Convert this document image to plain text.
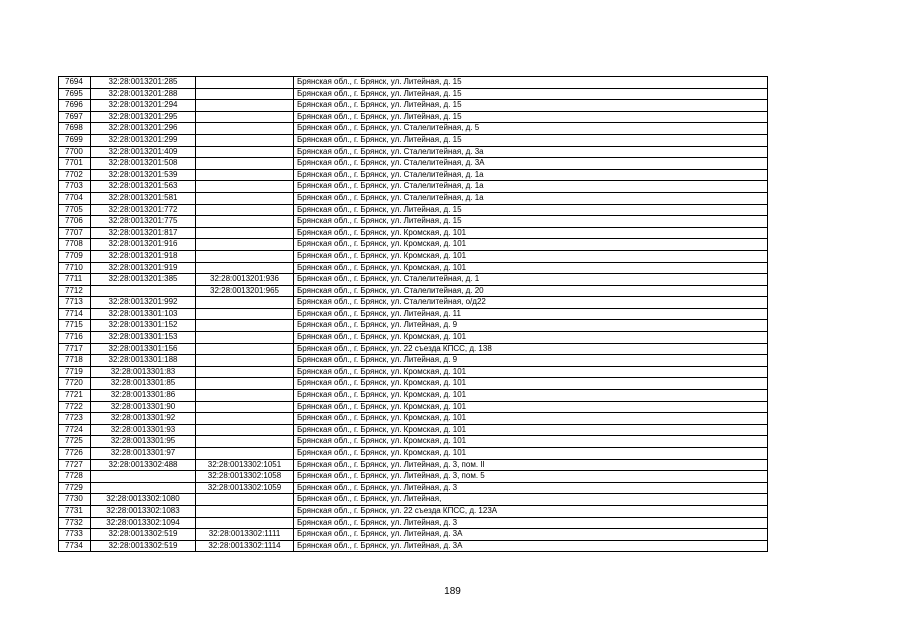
7694	32:28:0013201:285		Брянская обл., г. Брянск, ул. Литейная, д. 15
7695	32:28:0013201:288		Брянская обл., г. Брянск, ул. Литейная, д. 15
7696	32:28:0013201:294		Брянская обл., г. Брянск, ул. Литейная, д. 15
7697	32:28:0013201:295		Брянская обл., г. Брянск, ул. Литейная, д. 15
7698	32:28:0013201:296		Брянская обл., г. Брянск, ул. Сталелитейная, д. 5
7699	32:28:0013201:299		Брянская обл., г. Брянск, ул. Литейная, д. 15
7700	32:28:0013201:409		Брянская обл., г. Брянск, ул. Сталелитейная, д. 3а
7701	32:28:0013201:508		Брянская обл., г. Брянск, ул. Сталелитейная, д. 3А
7702	32:28:0013201:539		Брянская обл., г. Брянск, ул. Сталелитейная, д. 1а
7703	32:28:0013201:563		Брянская обл., г. Брянск, ул. Сталелитейная, д. 1а
7704	32:28:0013201:581		Брянская обл., г. Брянск, ул. Сталелитейная, д. 1а
7705	32:28:0013201:772		Брянская обл., г. Брянск, ул. Литейная, д. 15
7706	32:28:0013201:775		Брянская обл., г. Брянск, ул. Литейная, д. 15
7707	32:28:0013201:817		Брянская обл., г. Брянск, ул. Кромская, д. 101
7708	32:28:0013201:916		Брянская обл., г. Брянск, ул. Кромская, д. 101
7709	32:28:0013201:918		Брянская обл., г. Брянск, ул. Кромская, д. 101
7710	32:28:0013201:919		Брянская обл., г. Брянск, ул. Кромская, д. 101
7711	32:28:0013201:385	32:28:0013201:936	Брянская обл., г. Брянск, ул. Сталелитейная, д. 1
7712		32:28:0013201:965	Брянская обл., г. Брянск, ул. Сталелитейная, д. 20
7713	32:28:0013201:992		Брянская обл., г. Брянск, ул. Сталелитейная, о/д22
7714	32:28:0013301:103		Брянская обл., г. Брянск, ул. Литейная, д. 11
7715	32:28:0013301:152		Брянская обл., г. Брянск, ул. Литейная, д. 9
7716	32:28:0013301:153		Брянская обл., г. Брянск, ул. Кромская, д. 101
7717	32:28:0013301:156		Брянская обл., г. Брянск, ул. 22 съезда КПСС, д. 138
7718	32:28:0013301:188		Брянская обл., г. Брянск, ул. Литейная, д. 9
7719	32:28:0013301:83		Брянская обл., г. Брянск, ул. Кромская, д. 101
7720	32:28:0013301:85		Брянская обл., г. Брянск, ул. Кромская, д. 101
7721	32:28:0013301:86		Брянская обл., г. Брянск, ул. Кромская, д. 101
7722	32:28:0013301:90		Брянская обл., г. Брянск, ул. Кромская, д. 101
7723	32:28:0013301:92		Брянская обл., г. Брянск, ул. Кромская, д. 101
7724	32:28:0013301:93		Брянская обл., г. Брянск, ул. Кромская, д. 101
7725	32:28:0013301:95		Брянская обл., г. Брянск, ул. Кромская, д. 101
7726	32:28:0013301:97		Брянская обл., г. Брянск, ул. Кромская, д. 101
7727	32:28:0013302:488	32:28:0013302:1051	Брянская обл., г. Брянск, ул. Литейная, д. 3, пом. II
7728		32:28:0013302:1058	Брянская обл., г. Брянск, ул. Литейная, д. 3, пом. 5
7729		32:28:0013302:1059	Брянская обл., г. Брянск, ул. Литейная, д. 3
7730	32:28:0013302:1080		Брянская обл., г. Брянск, ул. Литейная,
7731	32:28:0013302:1083		Брянская обл., г. Брянск, ул. 22 съезда КПСС, д. 123А
7732	32:28:0013302:1094		Брянская обл., г. Брянск, ул. Литейная, д. 3
7733	32:28:0013302:519	32:28:0013302:1111	Брянская обл., г. Брянск, ул. Литейная, д. 3А
7734	32:28:0013302:519	32:28:0013302:1114	Брянская обл., г. Брянск, ул. Литейная, д. 3А
189
